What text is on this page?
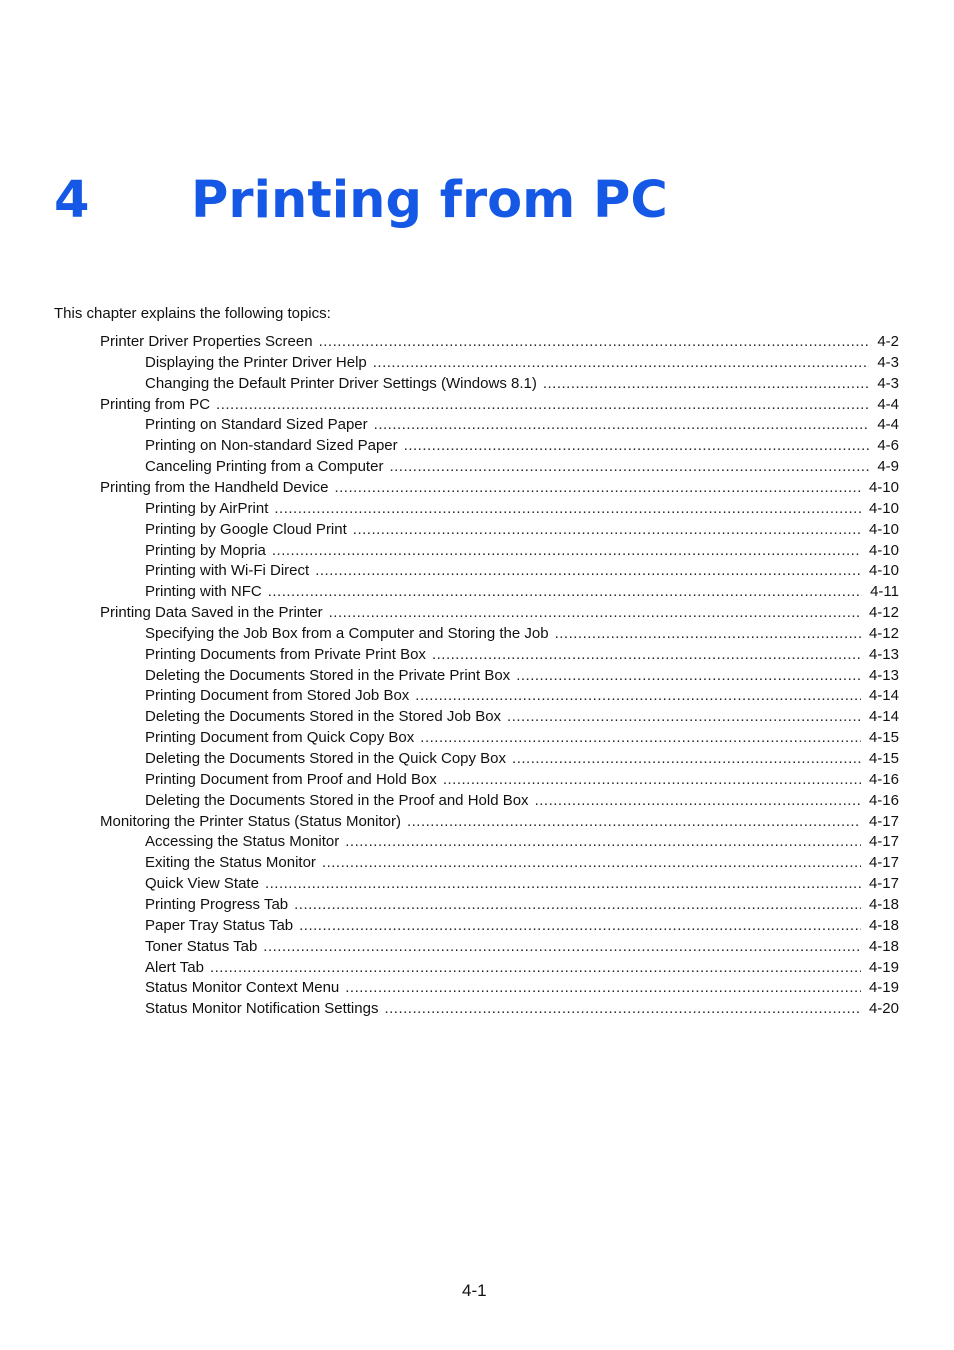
4 Printing from PC
This chapter explains the following topics:
Printer Driver Properties Screen .....	4-2
Displaying the Printer Driver Help .....	4-3
Changing the Default Printer Driver Settings (Windows 8.1) .....	4-3
Printing from PC .....	4-4
Printing on Standard Sized Paper .....	4-4
Printing on Non-standard Sized Paper .....	4-6
Canceling Printing from a Computer .....	4-9
Printing from the Handheld Device .....	4-10
Printing by AirPrint .....	4-10
Printing by Google Cloud Print .....	4-10
Printing by Mopria .....	4-10
Printing with Wi-Fi Direct .....	4-10
Printing with NFC .....	4-11
Printing Data Saved in the Printer .....	4-12
Specifying the Job Box from a Computer and Storing the Job .....	4-12
Printing Documents from Private Print Box .....	4-13
Deleting the Documents Stored in the Private Print Box .....	4-13
Printing Document from Stored Job Box .....	4-14
Deleting the Documents Stored in the Stored Job Box .....	4-14
Printing Document from Quick Copy Box .....	4-15
Deleting the Documents Stored in the Quick Copy Box .....	4-15
Printing Document from Proof and Hold Box .....	4-16
Deleting the Documents Stored in the Proof and Hold Box .....	4-16
Monitoring the Printer Status (Status Monitor) .....	4-17
Accessing the Status Monitor .....	4-17
Exiting the Status Monitor .....	4-17
Quick View State .....	4-17
Printing Progress Tab .....	4-18
Paper Tray Status Tab .....	4-18
Toner Status Tab .....	4-18
Alert Tab .....	4-19
Status Monitor Context Menu .....	4-19
Status Monitor Notification Settings .....	4-20
4-1
